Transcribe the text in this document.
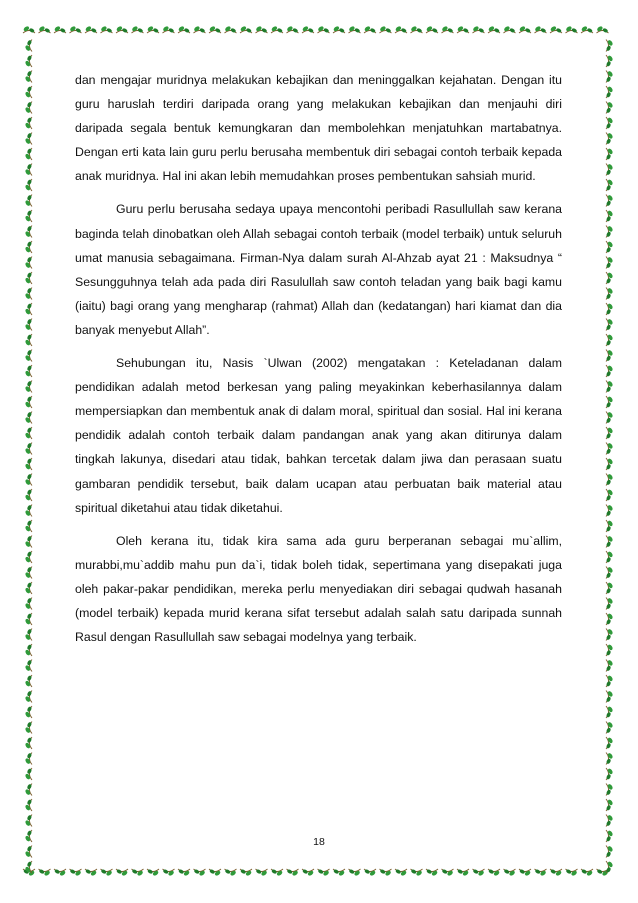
dan mengajar muridnya melakukan kebajikan dan meninggalkan kejahatan. Dengan itu guru haruslah terdiri daripada orang yang melakukan kebajikan dan menjauhi diri daripada segala bentuk kemungkaran dan membolehkan menjatuhkan martabatnya. Dengan erti kata lain guru perlu berusaha membentuk diri sebagai contoh terbaik kepada anak muridnya. Hal ini akan lebih memudahkan proses pembentukan sahsiah murid.

Guru perlu berusaha sedaya upaya mencontohi peribadi Rasullullah saw kerana baginda telah dinobatkan oleh Allah sebagai contoh terbaik (model terbaik) untuk seluruh umat manusia sebagaimana. Firman-Nya dalam surah Al-Ahzab ayat 21 : Maksudnya “ Sesungguhnya telah ada pada diri Rasulullah saw contoh teladan yang baik bagi kamu (iaitu) bagi orang yang mengharap (rahmat) Allah dan (kedatangan) hari kiamat dan dia banyak menyebut Allah”.

Sehubungan itu, Nasis `Ulwan (2002) mengatakan : Keteladanan dalam pendidikan adalah metod berkesan yang paling meyakinkan keberhasilannya dalam mempersiapkan dan membentuk anak di dalam moral, spiritual dan sosial. Hal ini kerana pendidik adalah contoh terbaik dalam pandangan anak yang akan ditirunya dalam tingkah lakunya, disedari atau tidak, bahkan tercetak dalam jiwa dan perasaan suatu gambaran pendidik tersebut, baik dalam ucapan atau perbuatan baik material atau spiritual diketahui atau tidak diketahui.

Oleh kerana itu, tidak kira sama ada guru berperanan sebagai mu`allim, murabbi,mu`addib mahu pun da`i, tidak boleh tidak, sepertimana yang disepakati juga oleh pakar-pakar pendidikan, mereka perlu menyediakan diri sebagai qudwah hasanah (model terbaik) kepada murid kerana sifat tersebut adalah salah satu daripada sunnah Rasul dengan Rasullullah saw sebagai modelnya yang terbaik.

18
